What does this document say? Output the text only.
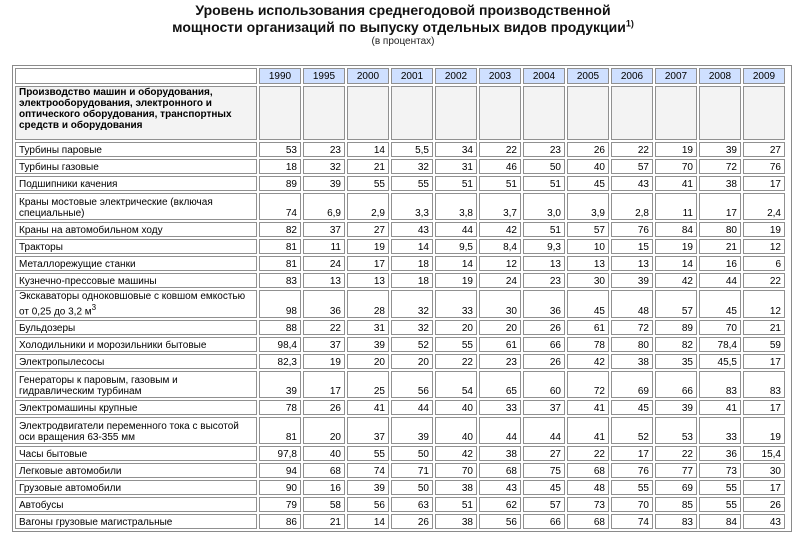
Уровень использования среднегодовой производственной
мощности организаций по выпуску отдельных видов продукции$^{1)}$
(в процентах)
	1990	1995	2000	2001	2002	2003	2004	2005	2006	2007	2008	2009
Производство машин и оборудования, электрооборудования, электронного и оптического оборудования, транспортных средств и оборудования												
Турбины паровые	53	23	14	5,5	34	22	23	26	22	19	39	27
Турбины газовые	18	32	21	32	31	46	50	40	57	70	72	76
Подшипники качения	89	39	55	55	51	51	51	45	43	41	38	17
Краны мостовые электрические (включая специальные)	74	6,9	2,9	3,3	3,8	3,7	3,0	3,9	2,8	11	17	2,4
Краны на автомобильном ходу	82	37	27	43	44	42	51	57	76	84	80	19
Тракторы	81	11	19	14	9,5	8,4	9,3	10	15	19	21	12
Металлорежущие станки	81	24	17	18	14	12	13	13	13	14	16	6
Кузнечно-прессовые машины	83	13	13	18	19	24	23	30	39	42	44	22
Экскаваторы одноковшовые с ковшом емкостью от 0,25 до 3,2 $м^3$	98	36	28	32	33	30	36	45	48	57	45	12
Бульдозеры	88	22	31	32	20	20	26	61	72	89	70	21
Холодильники и морозильники бытовые	98,4	37	39	52	55	61	66	78	80	82	78,4	59
Электропылесосы	82,3	19	20	20	22	23	26	42	38	35	45,5	17
Генераторы к паровым, газовым и гидравлическим турбинам	39	17	25	56	54	65	60	72	69	66	83	83
Электромашины крупные	78	26	41	44	40	33	37	41	45	39	41	17
Электродвигатели переменного тока с высотой оси вращения 63-355 мм	81	20	37	39	40	44	44	41	52	53	33	19
Часы бытовые	97,8	40	55	50	42	38	27	22	17	22	36	15,4
Легковые автомобили	94	68	74	71	70	68	75	68	76	77	73	30
Грузовые автомобили	90	16	39	50	38	43	45	48	55	69	55	17
Автобусы	79	58	56	63	51	62	57	73	70	85	55	26
Вагоны грузовые магистральные	86	21	14	26	38	56	66	68	74	83	84	43
